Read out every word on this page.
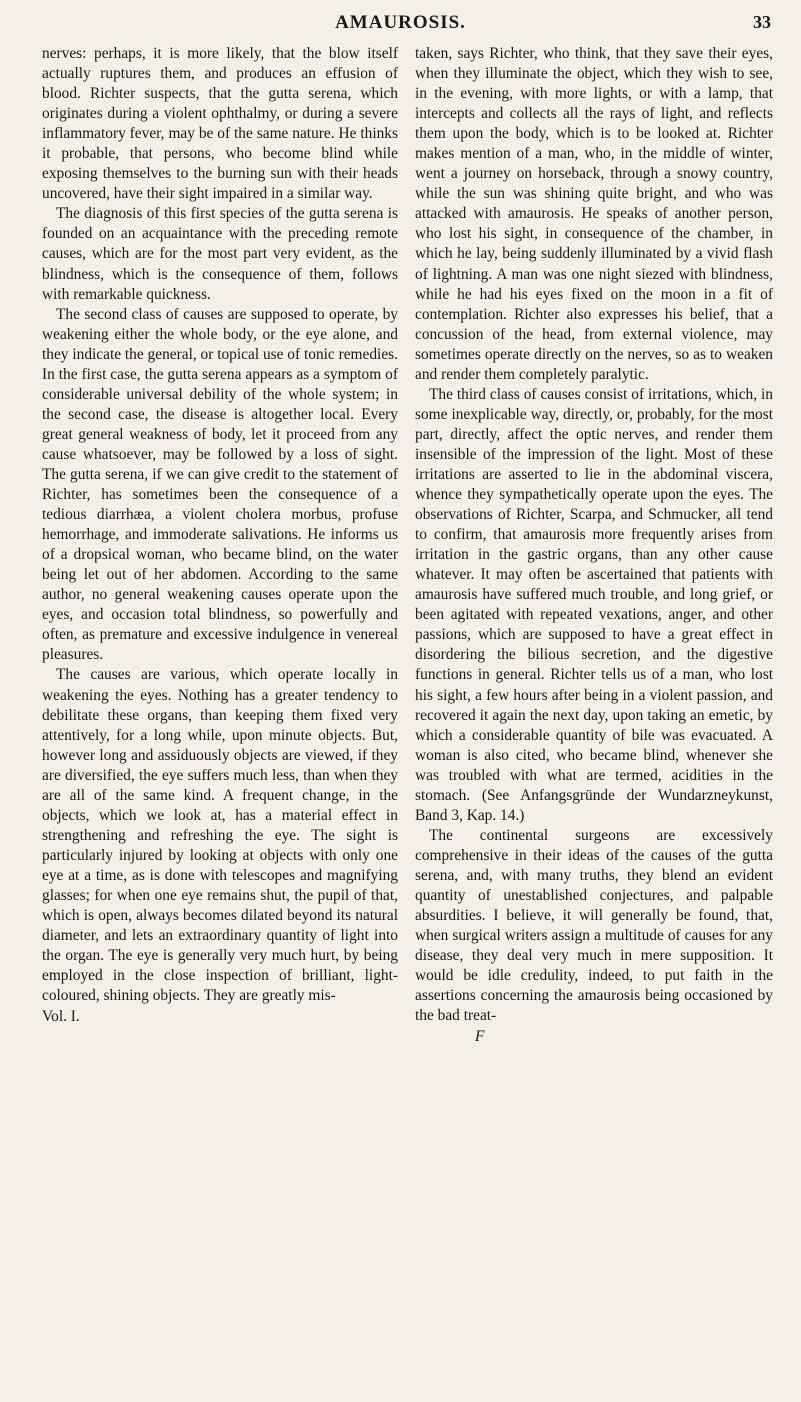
AMAUROSIS.	33

nerves: perhaps, it is more likely, that the blow itself actually ruptures them, and produces an effusion of blood. Richter suspects, that the gutta serena, which originates during a violent ophthalmy, or during a severe inflammatory fever, may be of the same nature. He thinks it probable, that persons, who become blind while exposing themselves to the burning sun with their heads uncovered, have their sight impaired in a similar way.

The diagnosis of this first species of the gutta serena is founded on an acquaintance with the preceding remote causes, which are for the most part very evident, as the blindness, which is the consequence of them, follows with remarkable quickness.

The second class of causes are supposed to operate, by weakening either the whole body, or the eye alone, and they indicate the general, or topical use of tonic remedies. In the first case, the gutta serena appears as a symptom of considerable universal debility of the whole system; in the second case, the disease is altogether local. Every great general weakness of body, let it proceed from any cause whatsoever, may be followed by a loss of sight. The gutta serena, if we can give credit to the statement of Richter, has sometimes been the consequence of a tedious diarrhæa, a violent cholera morbus, profuse hemorrhage, and immoderate salivations. He informs us of a dropsical woman, who became blind, on the water being let out of her abdomen. According to the same author, no general weakening causes operate upon the eyes, and occasion total blindness, so powerfully and often, as premature and excessive indulgence in venereal pleasures.

The causes are various, which operate locally in weakening the eyes. Nothing has a greater tendency to debilitate these organs, than keeping them fixed very attentively, for a long while, upon minute objects. But, however long and assiduously objects are viewed, if they are diversified, the eye suffers much less, than when they are all of the same kind. A frequent change, in the objects, which we look at, has a material effect in strengthening and refreshing the eye. The sight is particularly injured by looking at objects with only one eye at a time, as is done with telescopes and magnifying glasses; for when one eye remains shut, the pupil of that, which is open, always becomes dilated beyond its natural diameter, and lets an extraordinary quantity of light into the organ. The eye is generally very much hurt, by being employed in the close inspection of brilliant, light-coloured, shining objects. They are greatly mis-

Vol. I.

taken, says Richter, who think, that they save their eyes, when they illuminate the object, which they wish to see, in the evening, with more lights, or with a lamp, that intercepts and collects all the rays of light, and reflects them upon the body, which is to be looked at. Richter makes mention of a man, who, in the middle of winter, went a journey on horseback, through a snowy country, while the sun was shining quite bright, and who was attacked with amaurosis. He speaks of another person, who lost his sight, in consequence of the chamber, in which he lay, being suddenly illuminated by a vivid flash of lightning. A man was one night siezed with blindness, while he had his eyes fixed on the moon in a fit of contemplation. Richter also expresses his belief, that a concussion of the head, from external violence, may sometimes operate directly on the nerves, so as to weaken and render them completely paralytic.

The third class of causes consist of irritations, which, in some inexplicable way, directly, or, probably, for the most part, directly, affect the optic nerves, and render them insensible of the impression of the light. Most of these irritations are asserted to lie in the abdominal viscera, whence they sympathetically operate upon the eyes. The observations of Richter, Scarpa, and Schmucker, all tend to confirm, that amaurosis more frequently arises from irritation in the gastric organs, than any other cause whatever. It may often be ascertained that patients with amaurosis have suffered much trouble, and long grief, or been agitated with repeated vexations, anger, and other passions, which are supposed to have a great effect in disordering the bilious secretion, and the digestive functions in general. Richter tells us of a man, who lost his sight, a few hours after being in a violent passion, and recovered it again the next day, upon taking an emetic, by which a considerable quantity of bile was evacuated. A woman is also cited, who became blind, whenever she was troubled with what are termed, acidities in the stomach. (See Anfangsgründe der Wundarzneykunst, Band 3, Kap. 14.)

The continental surgeons are excessively comprehensive in their ideas of the causes of the gutta serena, and, with many truths, they blend an evident quantity of unestablished conjectures, and palpable absurdities. I believe, it will generally be found, that, when surgical writers assign a multitude of causes for any disease, they deal very much in mere supposition. It would be idle credulity, indeed, to put faith in the assertions concerning the amaurosis being occasioned by the bad treat-

F
